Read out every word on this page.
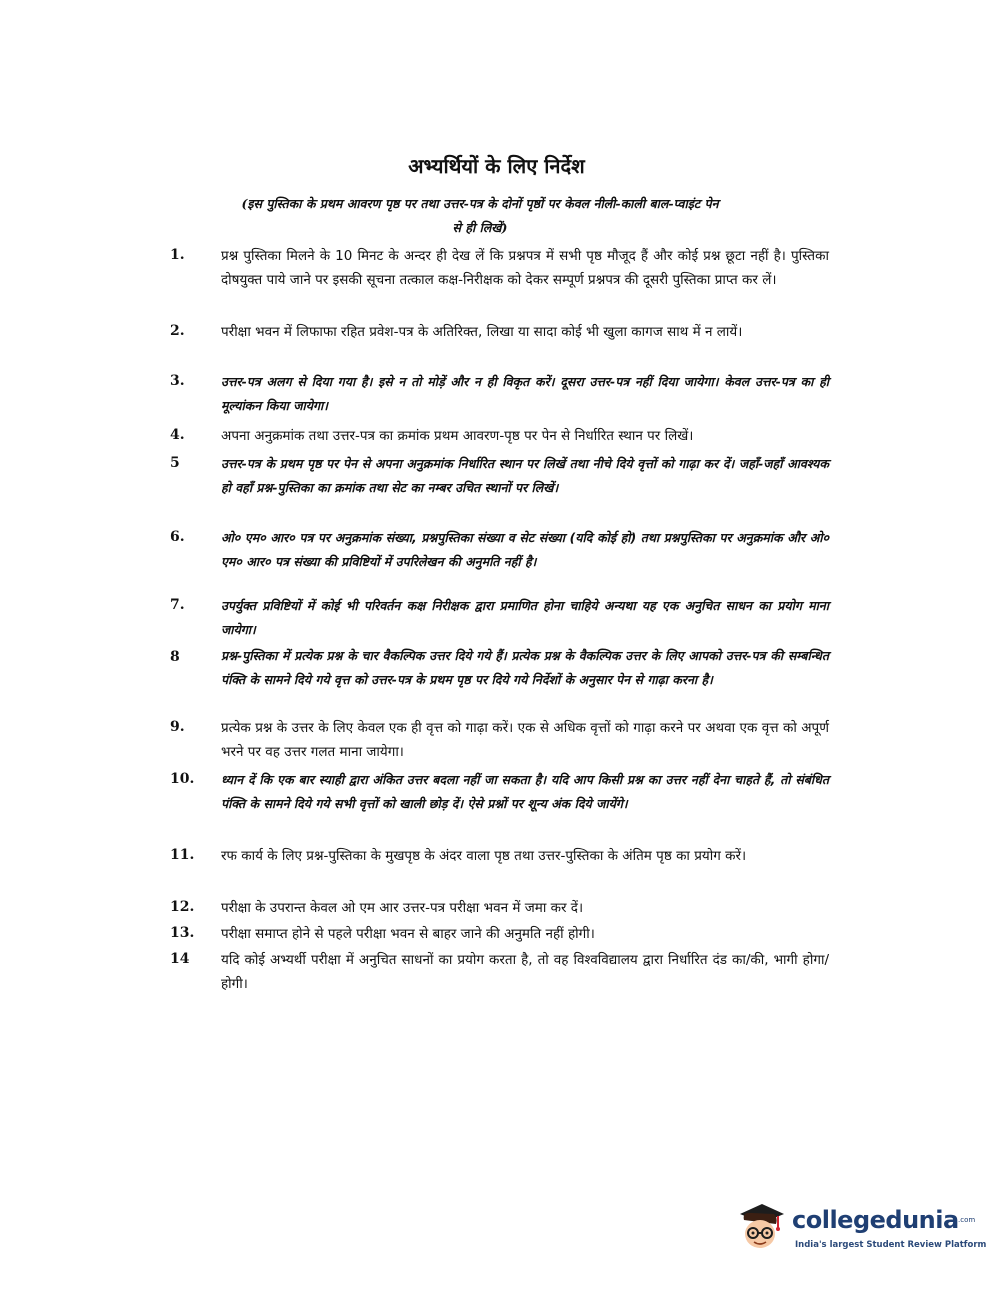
अभ्यर्थियों के लिए निर्देश
(इस पुस्तिका के प्रथम आवरण पृष्ठ पर तथा उत्तर-पत्र के दोनों पृष्ठों पर केवल नीली-काली बाल-प्वाइंट पेन से ही लिखें)
1.	प्रश्न पुस्तिका मिलने के 10 मिनट के अन्दर ही देख लें कि प्रश्नपत्र में सभी पृष्ठ मौजूद हैं और कोई प्रश्न छूटा नहीं है। पुस्तिका दोषयुक्त पाये जाने पर इसकी सूचना तत्काल कक्ष-निरीक्षक को देकर सम्पूर्ण प्रश्नपत्र की दूसरी पुस्तिका प्राप्त कर लें।
2.	परीक्षा भवन में लिफाफा रहित प्रवेश-पत्र के अतिरिक्त, लिखा या सादा कोई भी खुला कागज साथ में न लायें।
3.	उत्तर-पत्र अलग से दिया गया है। इसे न तो मोड़ें और न ही विकृत करें। दूसरा उत्तर-पत्र नहीं दिया जायेगा। केवल उत्तर-पत्र का ही मूल्यांकन किया जायेगा।
4.	अपना अनुक्रमांक तथा उत्तर-पत्र का क्रमांक प्रथम आवरण-पृष्ठ पर पेन से निर्धारित स्थान पर लिखें।
5	उत्तर-पत्र के प्रथम पृष्ठ पर पेन से अपना अनुक्रमांक निर्धारित स्थान पर लिखें तथा नीचे दिये वृत्तों को गाढ़ा कर दें। जहाँ-जहाँ आवश्यक हो वहाँ प्रश्न-पुस्तिका का क्रमांक तथा सेट का नम्बर उचित स्थानों पर लिखें।
6.	ओ० एम० आर० पत्र पर अनुक्रमांक संख्या, प्रश्नपुस्तिका संख्या व सेट संख्या (यदि कोई हो) तथा प्रश्नपुस्तिका पर अनुक्रमांक और ओ० एम० आर० पत्र संख्या की प्रविष्टियों में उपरिलेखन की अनुमति नहीं है।
7.	उपर्युक्त प्रविष्टियों में कोई भी परिवर्तन कक्ष निरीक्षक द्वारा प्रमाणित होना चाहिये अन्यथा यह एक अनुचित साधन का प्रयोग माना जायेगा।
8	प्रश्न-पुस्तिका में प्रत्येक प्रश्न के चार वैकल्पिक उत्तर दिये गये हैं। प्रत्येक प्रश्न के वैकल्पिक उत्तर के लिए आपको उत्तर-पत्र की सम्बन्धित पंक्ति के सामने दिये गये वृत्त को उत्तर-पत्र के प्रथम पृष्ठ पर दिये गये निर्देशों के अनुसार पेन से गाढ़ा करना है।
9.	प्रत्येक प्रश्न के उत्तर के लिए केवल एक ही वृत्त को गाढ़ा करें। एक से अधिक वृत्तों को गाढ़ा करने पर अथवा एक वृत्त को अपूर्ण भरने पर वह उत्तर गलत माना जायेगा।
10.	ध्यान दें कि एक बार स्याही द्वारा अंकित उत्तर बदला नहीं जा सकता है। यदि आप किसी प्रश्न का उत्तर नहीं देना चाहते हैं, तो संबंधित पंक्ति के सामने दिये गये सभी वृत्तों को खाली छोड़ दें। ऐसे प्रश्नों पर शून्य अंक दिये जायेंगे।
11.	रफ कार्य के लिए प्रश्न-पुस्तिका के मुखपृष्ठ के अंदर वाला पृष्ठ तथा उत्तर-पुस्तिका के अंतिम पृष्ठ का प्रयोग करें।
12.	परीक्षा के उपरान्त केवल ओ एम आर उत्तर-पत्र परीक्षा भवन में जमा कर दें।
13.	परीक्षा समाप्त होने से पहले परीक्षा भवन से बाहर जाने की अनुमति नहीं होगी।
14	यदि कोई अभ्यर्थी परीक्षा में अनुचित साधनों का प्रयोग करता है, तो वह विश्वविद्यालय द्वारा निर्धारित दंड का/की, भागी होगा/होगी।
collegedunia .com
India's largest Student Review Platform
